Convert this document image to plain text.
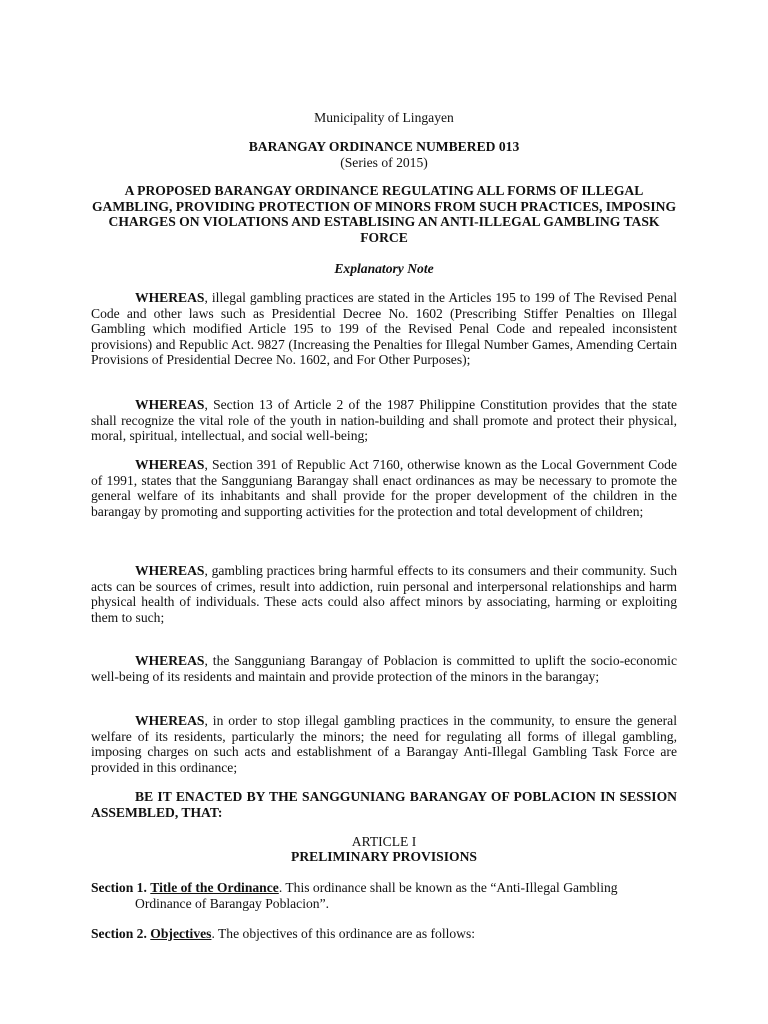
Municipality of Lingayen
BARANGAY ORDINANCE NUMBERED 013
(Series of 2015)
A PROPOSED BARANGAY ORDINANCE REGULATING ALL FORMS OF ILLEGAL GAMBLING, PROVIDING PROTECTION OF MINORS FROM SUCH PRACTICES, IMPOSING CHARGES ON VIOLATIONS AND ESTABLISING AN ANTI-ILLEGAL GAMBLING TASK FORCE
Explanatory Note
WHEREAS, illegal gambling practices are stated in the Articles 195 to 199 of The Revised Penal Code and other laws such as Presidential Decree No. 1602 (Prescribing Stiffer Penalties on Illegal Gambling which modified Article 195 to 199 of the Revised Penal Code and repealed inconsistent provisions) and Republic Act. 9827 (Increasing the Penalties for Illegal Number Games, Amending Certain Provisions of Presidential Decree No. 1602, and For Other Purposes);
WHEREAS, Section 13 of Article 2 of the 1987 Philippine Constitution provides that the state shall recognize the vital role of the youth in nation-building and shall promote and protect their physical, moral, spiritual, intellectual, and social well-being;
WHEREAS, Section 391 of Republic Act 7160, otherwise known as the Local Government Code of 1991, states that the Sangguniang Barangay shall enact ordinances as may be necessary to promote the general welfare of its inhabitants and shall provide for the proper development of the children in the barangay by promoting and supporting activities for the protection and total development of children;
WHEREAS, gambling practices bring harmful effects to its consumers and their community. Such acts can be sources of crimes, result into addiction, ruin personal and interpersonal relationships and harm physical health of individuals. These acts could also affect minors by associating, harming or exploiting them to such;
WHEREAS, the Sangguniang Barangay of Poblacion is committed to uplift the socio-economic well-being of its residents and maintain and provide protection of the minors in the barangay;
WHEREAS, in order to stop illegal gambling practices in the community, to ensure the general welfare of its residents, particularly the minors; the need for regulating all forms of illegal gambling, imposing charges on such acts and establishment of a Barangay Anti-Illegal Gambling Task Force are provided in this ordinance;
BE IT ENACTED BY THE SANGGUNIANG BARANGAY OF POBLACION IN SESSION ASSEMBLED, THAT:
ARTICLE I
PRELIMINARY PROVISIONS
Section 1. Title of the Ordinance. This ordinance shall be known as the “Anti-Illegal Gambling Ordinance of Barangay Poblacion”.
Section 2. Objectives. The objectives of this ordinance are as follows:
